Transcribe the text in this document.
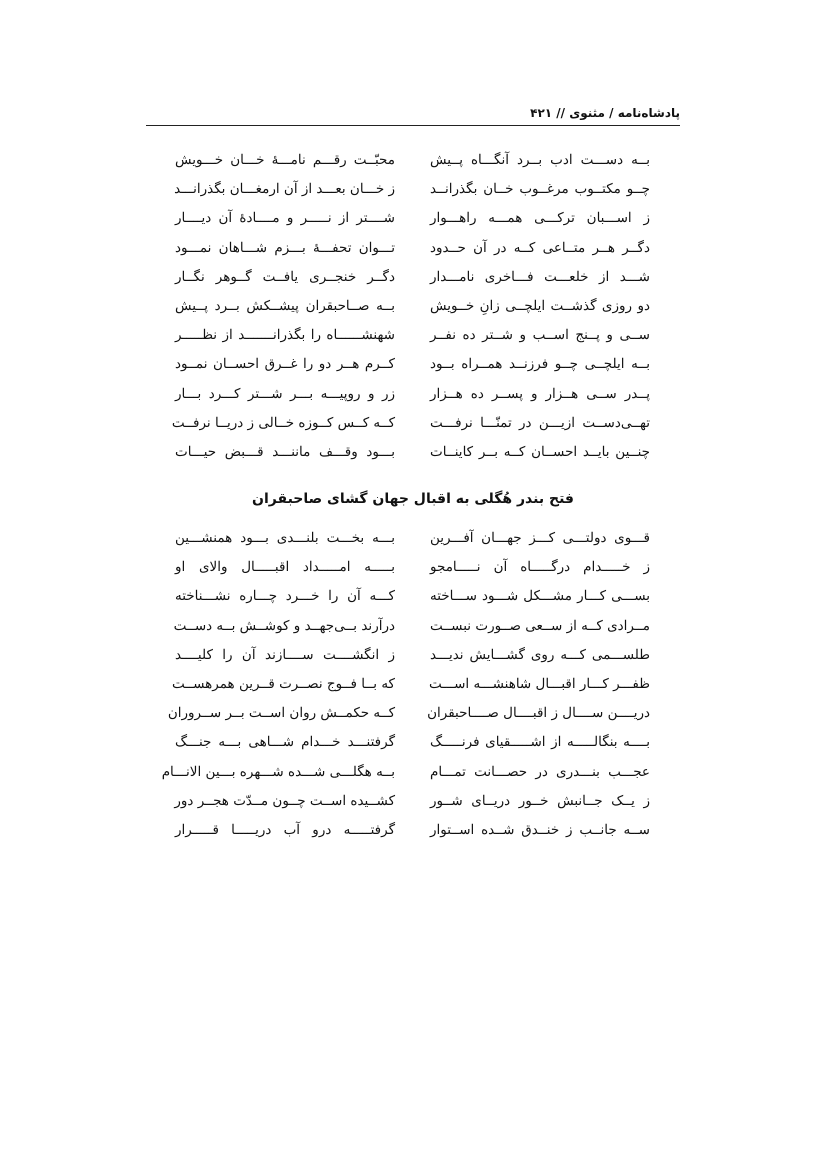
پادشاه‌نامه / مثنوی // ۴۲۱
بــه دســـت ادب بــرد آنگـــاه پــیش
محبّــت رقـــم نامـــۀ خـــان خـــویش
چــو مکتــوب مرغــوب خــان بگذرانــد
ز خـــان بعـــد از آن ارمغـــان بگذرانـــد
ز اســـبان ترکـــی همـــه راهـــوار
شــــتر از نـــــر و مــــادۀ آن دیــــار
دگــر هــر متــاعی کــه در آن حــدود
تـــوان تحفـــۀ بـــزم شـــاهان نمـــود
شـــد از خلعـــت فـــاخری نامـــدار
دگــر خنجــری یافــت گــوهر نگــار
دو روزی گذشــت ایلچــی زانِ خــویش
بــه صــاحبقران پیشــکش بــرد پــیش
ســی و پــنج اســب و شــتر ده نفــر
شهنشــــــاه را بگذرانـــــــد از نظـــــر
بــه ایلچــی چــو فرزنــد همــراه بــود
کــرم هــر دو را غــرق احســان نمــود
پــدر ســی هــزار و پســر ده هــزار
زر و روپیـــه بـــر شـــتر کـــرد بـــار
تهــی‌دســت ازیـــن در تمنّـــا نرفـــت
کــه کــس کــوزه خــالی ز دریــا نرفــت
چنــین بایــد احســان کــه بــر کاینــات
بـــود وقـــف ماننـــد قـــبض حیـــات
فتح بندر هُگلی به اقبال جهان گشای صاحبقران
قـــوی دولتـــی کـــز جهـــان آفـــرین
بـــه بخـــت بلنـــدی بـــود همنشـــین
ز خـــــدام درگـــــاه آن نـــــامجو
بـــــه امـــــداد اقبـــــال والای او
بســـی کـــار مشـــکل شـــود ســـاخته
کـــه آن را خـــرد چـــاره نشـــناخته
مــرادی کــه از ســعی صــورت نبســت
درآرند بــی‌جهــد و کوشــش بــه دســت
طلســـمی کـــه روی گشـــایش ندیـــد
ز انگشــــت ســــازند آن را کلیــــد
ظفـــر کـــار اقبـــال شاهنشـــه اســـت
که بــا فــوج نصــرت قــرین همرهســت
دریــــن ســــال ز اقبــــال صــــاحبقران
کــه حکمــش روان اســت بــر ســروران
بــــه بنگالـــــه از اشـــــقیای فرنـــــگ
گرفتنـــد خـــدام شـــاهی بـــه جنـــگ
عجـــب بنـــدری در حصـــانت تمـــام
بــه هگلـــی شـــده شـــهره بـــین الانـــام
ز یــک جــانبش خــور دریــای شــور
کشــیده اســت چــون مــدّت هجــر دور
ســه جانــب ز خنــدق شــده اســتوار
گرفتـــــه درو آب دریـــــا قـــــرار
